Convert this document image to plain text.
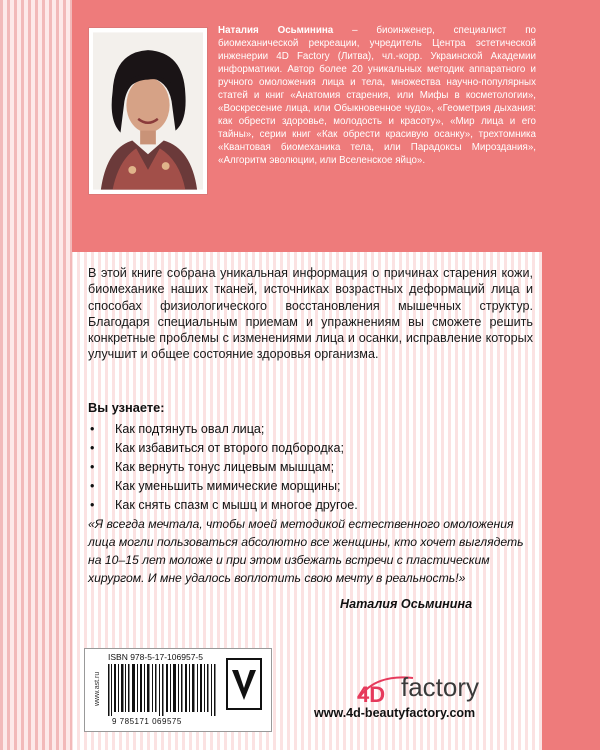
Наталия Осьминина – биоинженер, специалист по биомеханической рекреации, учредитель Центра эстетической инженерии 4D Factory (Литва), чл.-корр. Украинской Академии информатики. Автор более 20 уникальных методик аппаратного и ручного омоложения лица и тела, множества научно-популярных статей и книг «Анатомия старения, или Мифы в косметологии», «Воскресение лица, или Обыкновенное чудо», «Геометрия дыхания: как обрести здоровье, молодость и красоту», «Мир лица и его тайны», серии книг «Как обрести красивую осанку», трехтомника «Квантовая биомеханика тела, или Парадоксы Мироздания», «Алгоритм эволюции, или Вселенское яйцо».
В этой книге собрана уникальная информация о причинах старения кожи, биомеханике наших тканей, источниках возрастных деформаций лица и способах физиологического восстановления мышечных структур. Благодаря специальным приемам и упражнениям вы сможете решить конкретные проблемы с изменениями лица и осанки, исправление которых улучшит и общее состояние здоровья организма.
Вы узнаете:
•	Как подтянуть овал лица;
•	Как избавиться от второго подбородка;
•	Как вернуть тонус лицевым мышцам;
•	Как уменьшить мимические морщины;
•	Как снять спазм с мышц и многое другое.
«Я всегда мечтала, чтобы моей методикой естественного омоложения лица могли пользоваться абсолютно все женщины, кто хочет выглядеть на 10–15 лет моложе и при этом избежать встречи с пластическим хирургом. И мне удалось воплотить свою мечту в реальность!»
Наталия Осьминина
www.ast.ru
ISBN 978-5-17-106957-5
9 785171 069575
4D factory
www.4d-beautyfactory.com
